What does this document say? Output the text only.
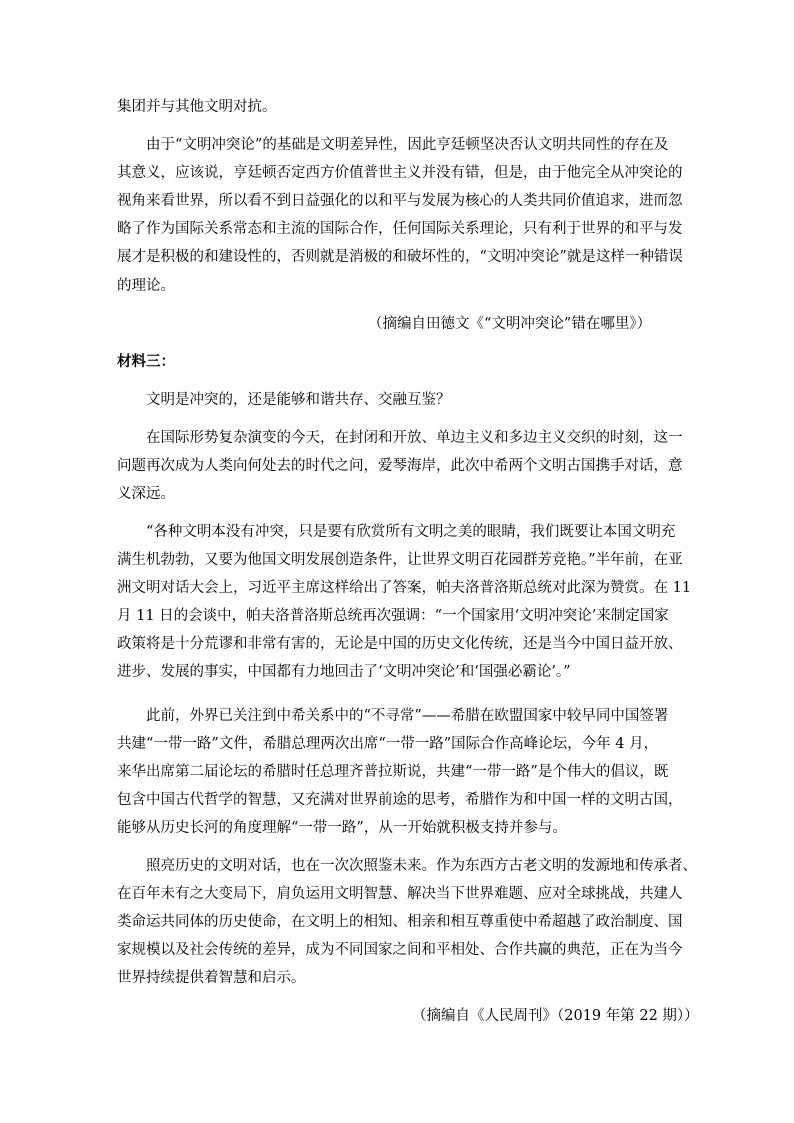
集团并与其他文明对抗。
由于“文明冲突论”的基础是文明差异性，因此亨廷顿坚决否认文明共同性的存在及
其意义，应该说，亨廷顿否定西方价值普世主义并没有错，但是，由于他完全从冲突论的
视角来看世界，所以看不到日益强化的以和平与发展为核心的人类共同价值追求，进而忽
略了作为国际关系常态和主流的国际合作，任何国际关系理论，只有利于世界的和平与发
展才是积极的和建设性的，否则就是消极的和破坏性的，“文明冲突论”就是这样一种错误
的理论。
（摘编自田德文《“文明冲突论”错在哪里》）
材料三：
文明是冲突的，还是能够和谐共存、交融互鉴？
在国际形势复杂演变的今天，在封闭和开放、单边主义和多边主义交织的时刻，这一
问题再次成为人类向何处去的时代之问，爱琴海岸，此次中希两个文明古国携手对话，意
义深远。
“各种文明本没有冲突，只是要有欣赏所有文明之美的眼睛，我们既要让本国文明充
满生机勃勃，又要为他国文明发展创造条件，让世界文明百花园群芳竞艳。”半年前，在亚
洲文明对话大会上，习近平主席这样给出了答案，帕夫洛普洛斯总统对此深为赞赏。在 11
月 11 日的会谈中，帕夫洛普洛斯总统再次强调：“一个国家用‘文明冲突论’来制定国家
政策将是十分荒谬和非常有害的，无论是中国的历史文化传统，还是当今中国日益开放、
进步、发展的事实，中国都有力地回击了‘文明冲突论’和‘国强必霸论’。”
此前，外界已关注到中希关系中的“不寻常”——希腊在欧盟国家中较早同中国签署
共建“一带一路”文件，希腊总理两次出席“一带一路”国际合作高峰论坛，今年 4 月，
来华出席第二届论坛的希腊时任总理齐普拉斯说，共建“一带一路”是个伟大的倡议，既
包含中国古代哲学的智慧，又充满对世界前途的思考，希腊作为和中国一样的文明古国，
能够从历史长河的角度理解“一带一路”，从一开始就积极支持并参与。
照亮历史的文明对话，也在一次次照鉴未来。作为东西方古老文明的发源地和传承者、
在百年未有之大变局下，肩负运用文明智慧、解决当下世界难题、应对全球挑战，共建人
类命运共同体的历史使命，在文明上的相知、相亲和相互尊重使中希超越了政治制度、国
家规模以及社会传统的差异，成为不同国家之间和平相处、合作共赢的典范，正在为当今
世界持续提供着智慧和启示。
（摘编自《人民周刊》（2019 年第 22 期））
